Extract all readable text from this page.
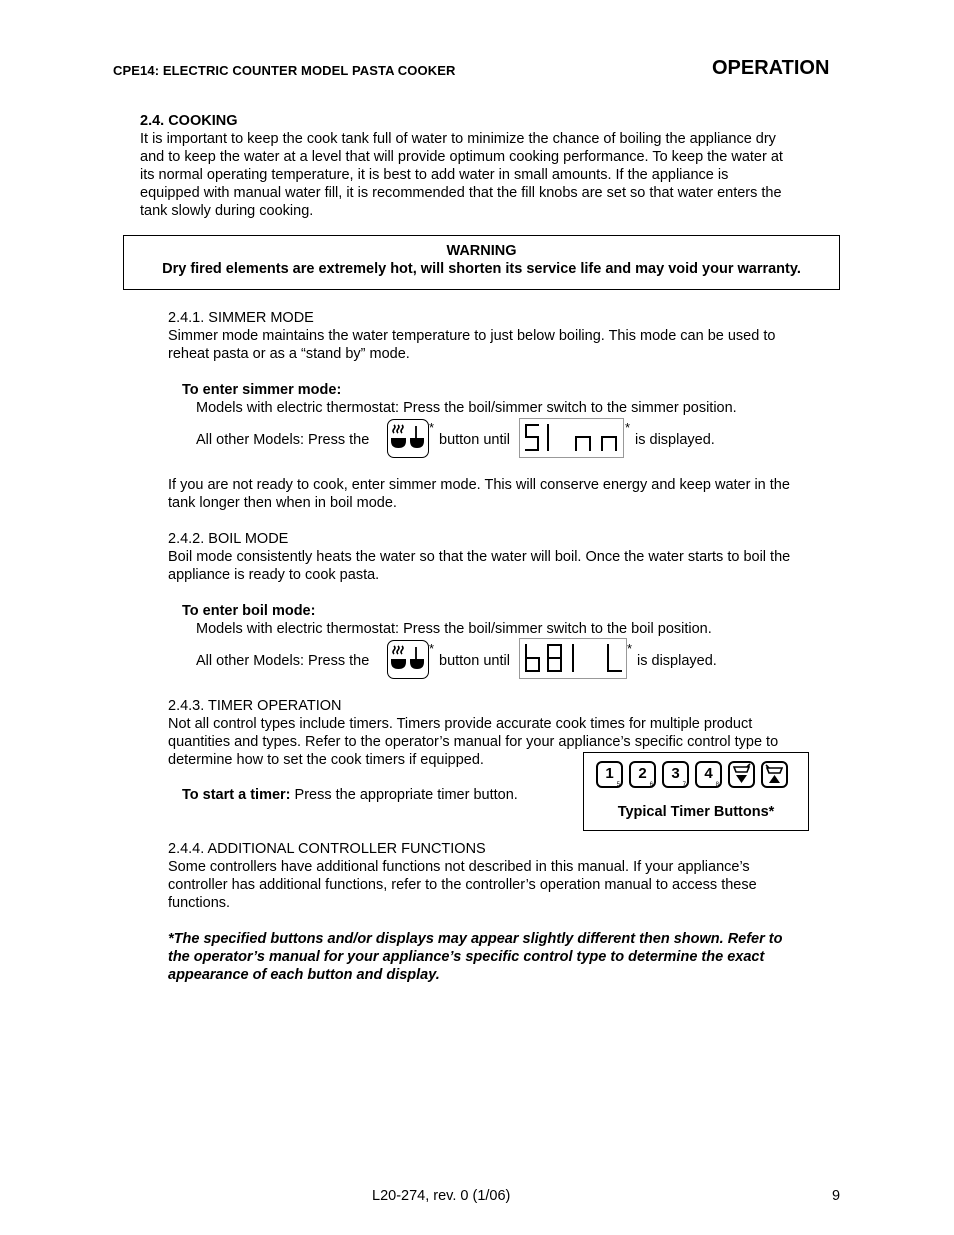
CPE14: ELECTRIC COUNTER MODEL PASTA COOKER	OPERATION
2.4. COOKING

It is important to keep the cook tank full of water to minimize the chance of boiling the appliance dry

and to keep the water at a level that will provide optimum cooking performance. To keep the water at

its normal operating temperature, it is best to add water in small amounts. If the appliance is

equipped with manual water fill, it is recommended that the fill knobs are set so that water enters the

tank slowly during cooking.

WARNING
Dry fired elements are extremely hot, will shorten its service life and may void your warranty.
2.4.1. SIMMER MODE

Simmer mode maintains the water temperature to just below boiling. This mode can be used to

reheat pasta or as a “stand by” mode.

To enter simmer mode:
Models with electric thermostat: Press the boil/simmer switch to the simmer position.
All other Models: Press the
*
button until
*
is displayed.

If you are not ready to cook, enter simmer mode. This will conserve energy and keep water in the

tank longer then when in boil mode.

2.4.2. BOIL MODE

Boil mode consistently heats the water so that the water will boil. Once the water starts to boil the

appliance is ready to cook pasta.

To enter boil mode:
Models with electric thermostat: Press the boil/simmer switch to the boil position.
All other Models: Press the
*
button until
*
is displayed.
2.4.3. TIMER OPERATION

Not all control types include timers. Timers provide accurate cook times for multiple product

quantities and types. Refer to the operator’s manual for your appliance’s specific control type to

determine how to set the cook timers if equipped.

To start a timer: Press the appropriate timer button.
1
5
2
6
3
7
4
8
Typical Timer Buttons*
2.4.4. ADDITIONAL CONTROLLER FUNCTIONS

Some controllers have additional functions not described in this manual. If your appliance’s

controller has additional functions, refer to the controller’s operation manual to access these

functions.

*The specified buttons and/or displays may appear slightly different then shown. Refer to

the operator’s manual for your appliance’s specific control type to determine the exact

appearance of each button and display.

L20-274, rev. 0 (1/06)	9
